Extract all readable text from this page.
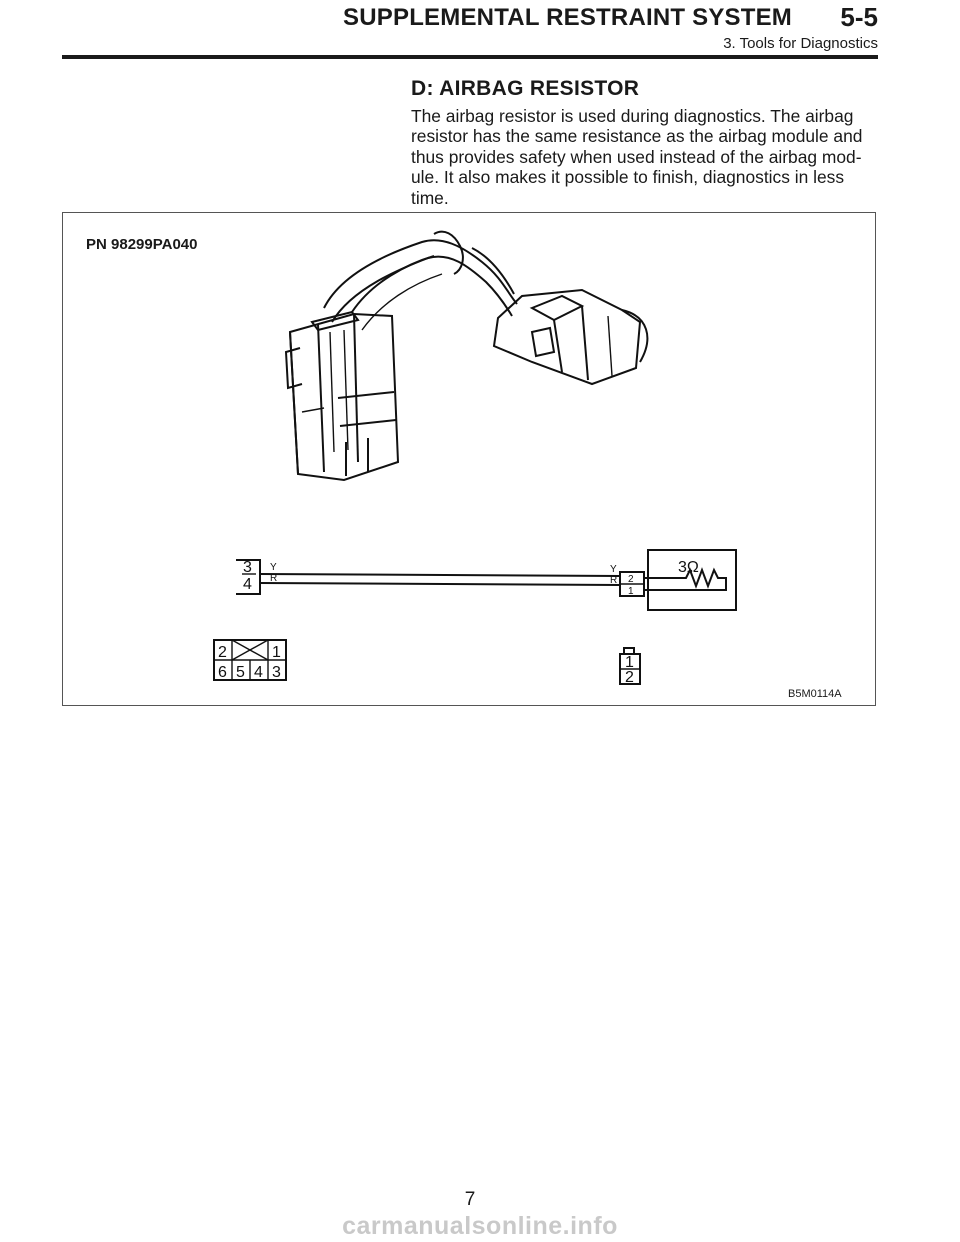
SUPPLEMENTAL RESTRAINT SYSTEM	5-5
3. Tools for Diagnostics
D: AIRBAG RESISTOR
The airbag resistor is used during diagnostics. The airbag
resistor has the same resistance as the airbag module and
thus provides safety when used instead of the airbag mod-
ule. It also makes it possible to finish, diagnostics in less
time.
3
4
Y
R
Y
R 2
1
3Ω
2	1
6 5 4 3
1
2
PN 98299PA040
B5M0114A
7
carmanualsonline.info
